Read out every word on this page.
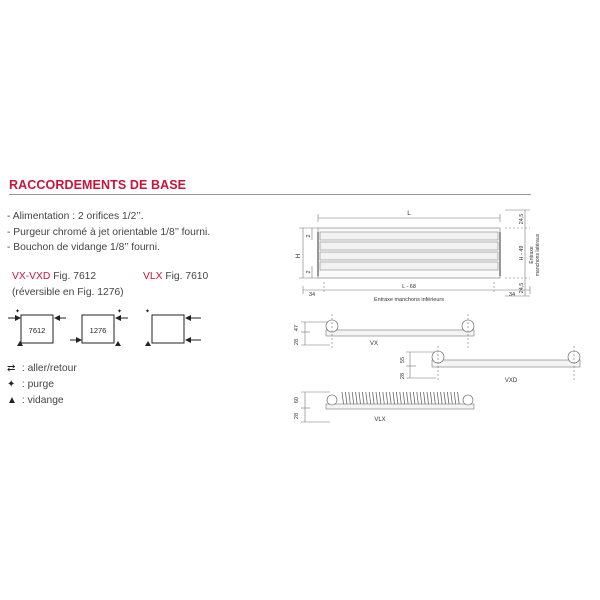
RACCORDEMENTS DE BASE
- Alimentation : 2 orifices 1/2’’.
- Purgeur chromé à jet orientable 1/8’’ fourni.
- Bouchon de vidange 1/8’’ fourni.
VX-VXD Fig. 7612
(réversible en Fig. 1276)
VLX Fig. 7610
7612
✦
1276
✦	✦
L
H
2
2
24,5
H - 49 Entraxe manchons latéraux
24,5
34
L - 68
34
Entraxe manchons inférieurs
47
28	VX
55
28
VXD
60
28
VLX
⇄ : aller/retour
✦ : purge
▲ : vidange
